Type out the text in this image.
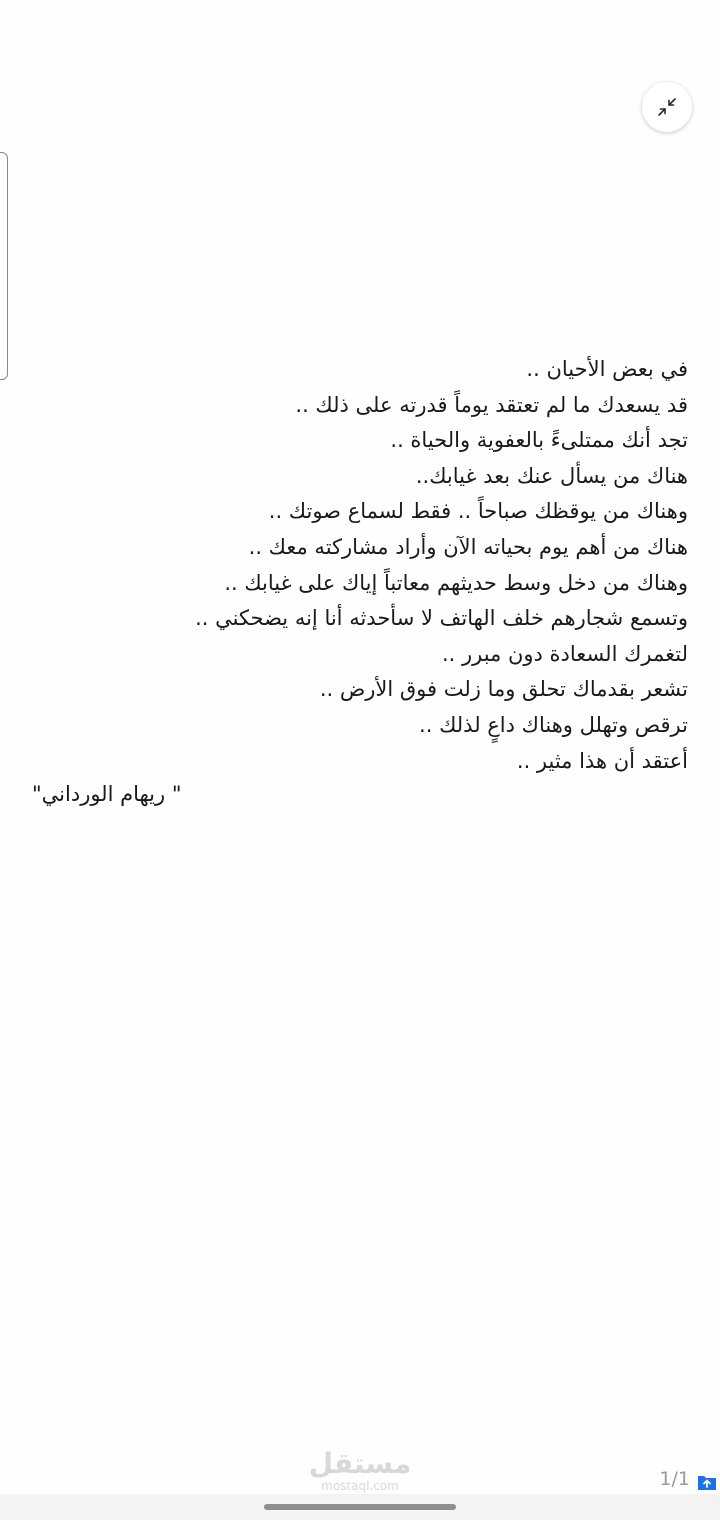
في بعض الأحيان ..
قد يسعدك ما لم تعتقد يوماً قدرته على ذلك ..
تجد أنك ممتلىءً بالعفوية والحياة ..
هناك من يسأل عنك بعد غيابك..
وهناك من يوقظك صباحاً .. فقط لسماع صوتك ..
هناك من أهم يوم بحياته الآن وأراد مشاركته معك ..
وهناك من دخل وسط حديثهم معاتباً إياك على غيابك ..
وتسمع شجارهم خلف الهاتف لا سأحدثه أنا إنه يضحكني ..
لتغمرك السعادة دون مبرر ..
تشعر بقدماك تحلق وما زلت فوق الأرض ..
ترقص وتهلل وهناك داعٍ لذلك ..
أعتقد أن هذا مثير ..
" ريهام الورداني"
مستقل
mostaql.com	1/1
